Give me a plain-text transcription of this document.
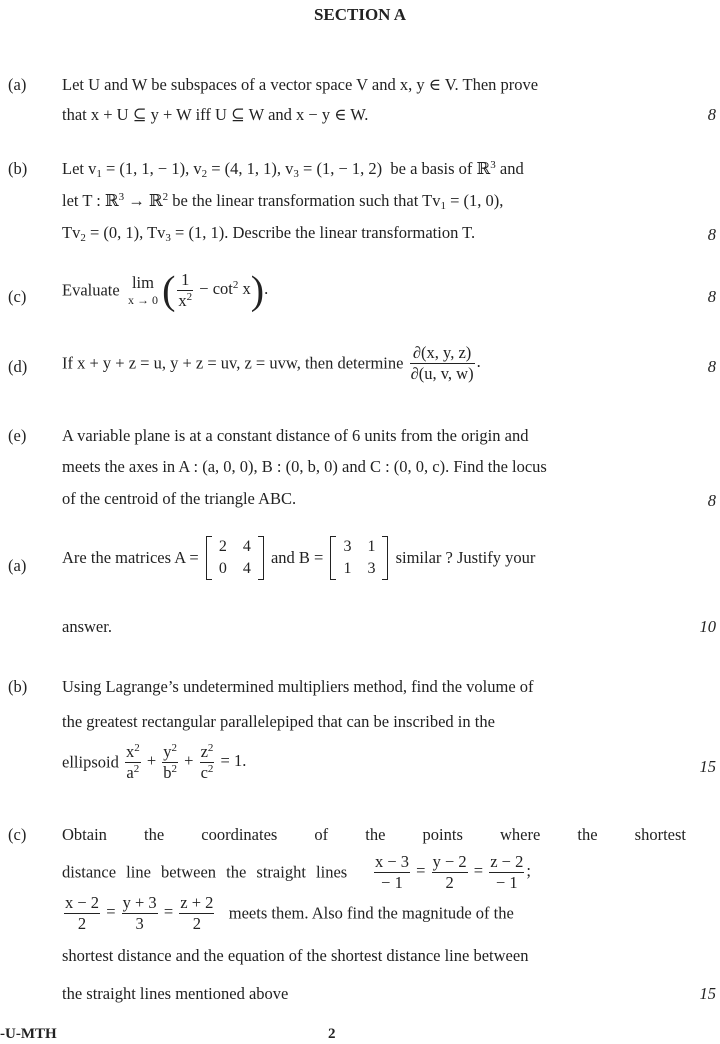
SECTION A
(a) Let U and W be subspaces of a vector space V and x, y ∈ V. Then prove
that x + U ⊆ y + W iff U ⊆ W and x − y ∈ W.	8
(b) Let $v_1 = (1$, 1, − 1), $v_2 = (4$, 1, 1), $v_3 = (1$, − 1, 2)  be a basis of ℝ$^3$ and
let T : ℝ$^3$ → ℝ$^2$ be the linear transformation such that $Tv_1 = (1$, 0),
$Tv_2 = (0$, 1), $Tv_3 = (1$, 1). Describe the linear transformation T.	8
(c) Evaluate lim
x → 0 ( $\frac{1}{x^2} - \cot^2 x$).	8
(d) If x + y + z = u, y + z = uv, z = uvw, then determine $\frac{\partial(x, y, z)}{\partial(u, v, w)}$ .	8
(e) A variable plane is at a constant distance of 6 units from the origin and
meets the axes in A : (a, 0, 0), B : (0, b, 0) and C : (0, 0, c). Find the locus
of the centroid of the triangle ABC.	8
(a) Are the matrices A =
2	4
0	4
and B =
3	1
1	3
similar ? Justify your
answer.	10
(b) Using Lagrange’s undetermined multipliers method, find the volume of
the greatest rectangular parallelepiped that can be inscribed in the
ellipsoid $\frac{x^2}{a^2} + \frac{y^2}{b^2} + \frac{z^2}{c^2} = 1$.	15
(c) Obtain the coordinates of the points where the shortest
distance line between the straight lines $\frac{x - 3}{- 1} = \frac{y - 2}{2} = \frac{z - 2}{- 1}$ ;
$\frac{x - 2}{2} = \frac{y + 3}{3} = \frac{z + 2}{2}$ meets them. Also find the magnitude of the
shortest distance and the equation of the shortest distance line between
the straight lines mentioned above	15
-U-MTH	2
